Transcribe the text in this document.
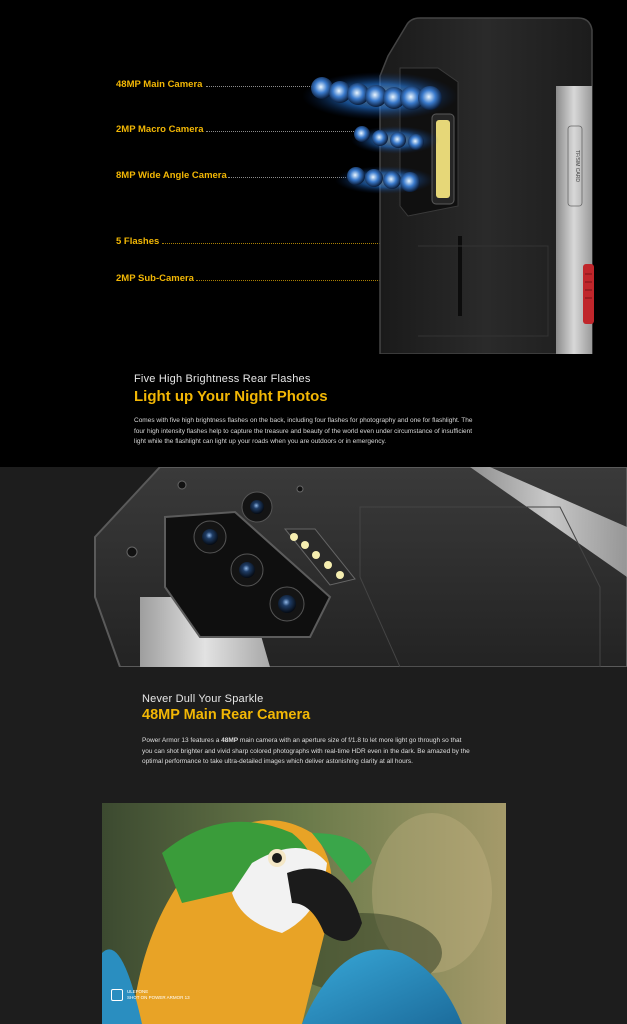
48MP Main Camera
2MP Macro Camera
8MP Wide Angle Camera
5 Flashes
2MP Sub-Camera
TF/SIM CARD
Five High Brightness Rear Flashes
Light up Your Night Photos

Comes with five high brightness flashes on the back, including four flashes for photography and one for flashlight. The four high intensity flashes help to capture the treasure and beauty of the world even under circumstance of insufficient light while the flashlight can light up your roads when you are outdoors or in emergency.

Never Dull Your Sparkle
48MP Main Rear Camera

Power Armor 13 features a 48MP main camera with an aperture size of f/1.8 to let more light go through so that you can shot brighter and vivid sharp colored photographs with real-time HDR even in the dark. Be amazed by the optimal performance to take ultra-detailed images which deliver astonishing clarity at all hours.

ULEFONE
SHOT ON POWER ARMOR 13
